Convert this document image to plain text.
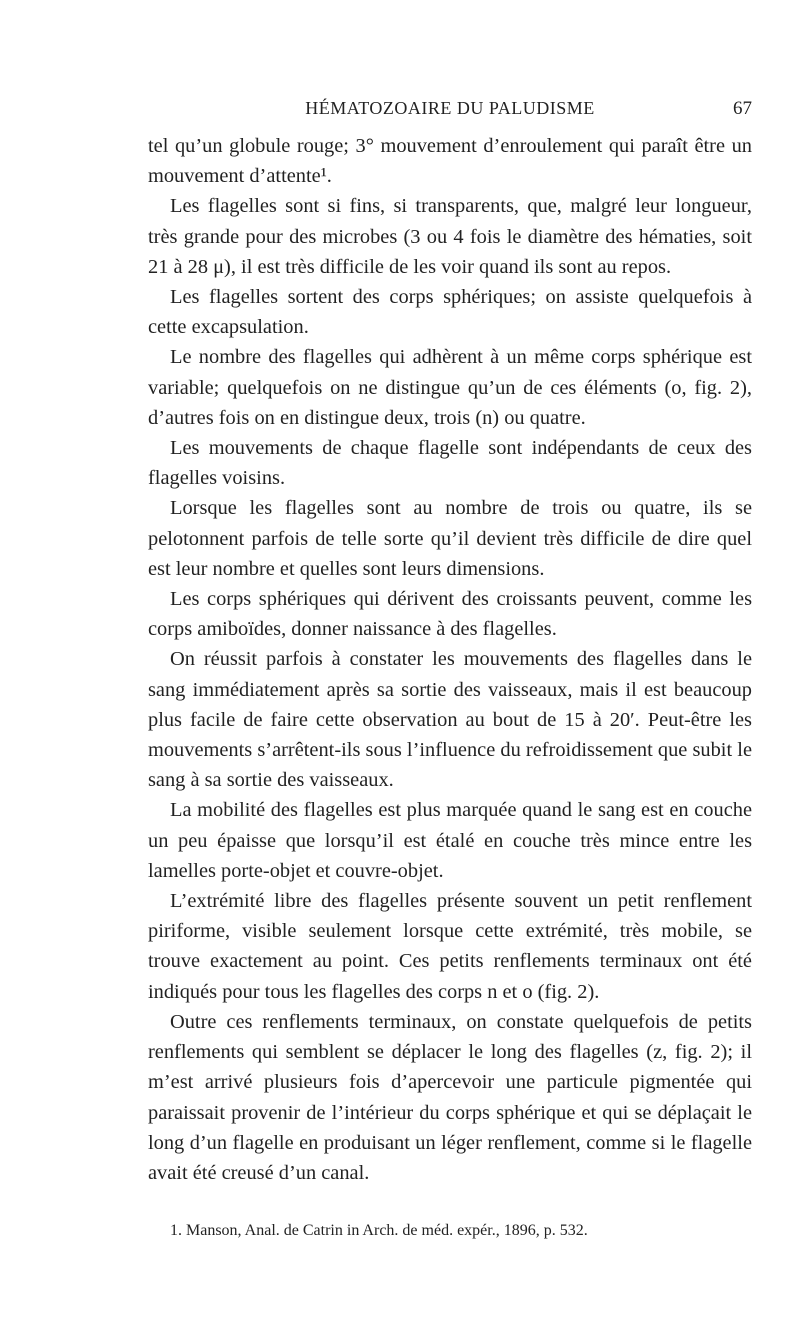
HÉMATOZOAIRE DU PALUDISME	67

tel qu’un globule rouge; 3° mouvement d’enroulement qui paraît être un mouvement d’attente¹.

Les flagelles sont si fins, si transparents, que, malgré leur longueur, très grande pour des microbes (3 ou 4 fois le diamètre des hématies, soit 21 à 28 μ), il est très difficile de les voir quand ils sont au repos.

Les flagelles sortent des corps sphériques; on assiste quelquefois à cette excapsulation.

Le nombre des flagelles qui adhèrent à un même corps sphérique est variable; quelquefois on ne distingue qu’un de ces éléments (o, fig. 2), d’autres fois on en distingue deux, trois (n) ou quatre.

Les mouvements de chaque flagelle sont indépendants de ceux des flagelles voisins.

Lorsque les flagelles sont au nombre de trois ou quatre, ils se pelotonnent parfois de telle sorte qu’il devient très difficile de dire quel est leur nombre et quelles sont leurs dimensions.

Les corps sphériques qui dérivent des croissants peuvent, comme les corps amiboïdes, donner naissance à des flagelles.

On réussit parfois à constater les mouvements des flagelles dans le sang immédiatement après sa sortie des vaisseaux, mais il est beaucoup plus facile de faire cette observation au bout de 15 à 20′. Peut-être les mouvements s’arrêtent-ils sous l’influence du refroidissement que subit le sang à sa sortie des vaisseaux.

La mobilité des flagelles est plus marquée quand le sang est en couche un peu épaisse que lorsqu’il est étalé en couche très mince entre les lamelles porte-objet et couvre-objet.

L’extrémité libre des flagelles présente souvent un petit renflement piriforme, visible seulement lorsque cette extrémité, très mobile, se trouve exactement au point. Ces petits renflements terminaux ont été indiqués pour tous les flagelles des corps n et o (fig. 2).

Outre ces renflements terminaux, on constate quelquefois de petits renflements qui semblent se déplacer le long des flagelles (z, fig. 2); il m’est arrivé plusieurs fois d’apercevoir une particule pigmentée qui paraissait provenir de l’intérieur du corps sphérique et qui se déplaçait le long d’un flagelle en produisant un léger renflement, comme si le flagelle avait été creusé d’un canal.

1. Manson, Anal. de Catrin in Arch. de méd. expér., 1896, p. 532.
